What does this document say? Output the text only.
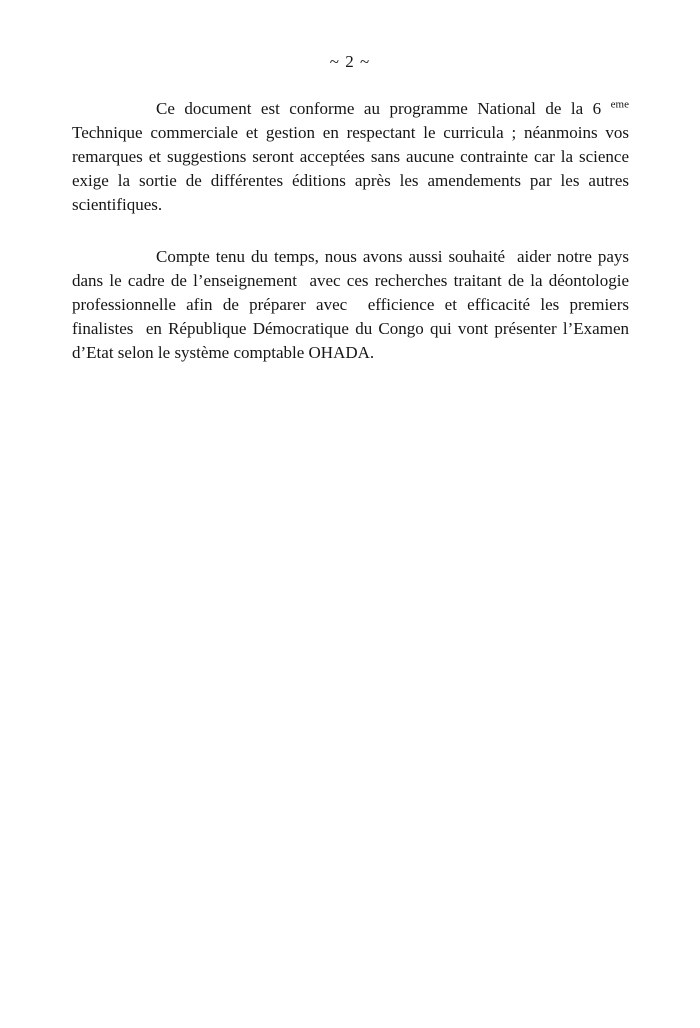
~ 2 ~

Ce document est conforme au programme National de la 6 $^{eme}$ Technique commerciale et gestion en respectant le curricula ; néanmoins vos remarques et suggestions seront acceptées sans aucune contrainte car la science exige la sortie de différentes éditions après les amendements par les autres scientifiques.

Compte tenu du temps, nous avons aussi souhaité  aider notre pays dans le cadre de l’enseignement  avec ces recherches traitant de la déontologie professionnelle afin de préparer avec  efficience et efficacité les premiers finalistes  en République Démocratique du Congo qui vont présenter l’Examen d’Etat selon le système comptable OHADA.
